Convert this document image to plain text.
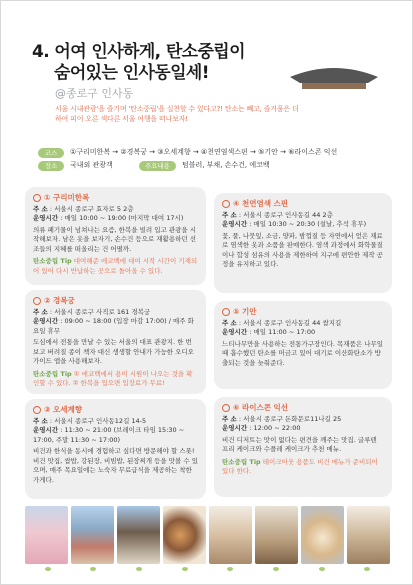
4. 어여 인사하게, 탄소중립이
숨어있는 인사동일세!
@종로구 인사동
서울 시내관광'을 즐기며 '탄소중립'을 실천할 수 있다고?! 탄소는 빼고, 즐거움은 더하여 피어 오른 색다른 서울 여행을 떠나보자!
코스	①구리미한복 → ②경복궁 → ③오세계향 → ④천연염색스핀 → ⑤기안 → ⑥라이스콘 익선
장소	국내외 관광객	주요내용	텀블러, 부채, 손수건, 에코백
① 구리미한복
주 소 : 서울시 종로구 효자로 5 2층
운영시간 : 매일 10:00 ~ 19:00 (마지막 대여 17시)
의류 폐기물이 넘쳐나는 요즘, 한복을 빌려 입고 관광을 시작해보자. 남은 옷을 보자기, 손수건 등으로 재활용하던 선조들의 지혜를 떠올리는 건 어떨까.
탄소중립 Tip 대여해준 에코백에 대여 시작 시간이 기재되어 있어 다시 반납하는 곳으로 돌아올 수 있다.
② 경복궁
주 소 : 서울시 종로구 사직로 161 경복궁
운영시간 : 09:00 ~ 18:00 (입장 마감 17:00) / 매주 화요일 휴무
도심에서 전통을 만날 수 있는 서울의 대표 관광지. 한 번 보고 버려질 종이 책자 대신 생생할 안내가 가능한 오디오 가이드 앱을 사용해보자.
탄소중립 Tip ① 에코백에서 용이 시원이 나오는 것을 확인할 수 있다. ② 한복을 입으면 입장료가 무료!
③ 오세계향
주 소 : 서울시 종로구 인사동12길 14-5
운영시간 : 11:30 ~ 21:00 (브레이크 타임 15:30 ~ 17:00, 주말 11:30 ~ 17:00)
비건과 한식을 동시에 경험하고 싶다면 방문해야 할 스폿! 비건 맛집, 쌈밥, 강된장, 비빔밥, 된장찌개 등을 맛볼 수 있으며, 매주 목요일에는 노숙자 무료급식을 제공하는 착한 가게다.
④ 천연염색 스핀
주 소 : 서울시 종로구 인사동길 44 2층
운영시간 : 매일 10:30 ~ 20:30 (설날, 추석 휴무)
꽃, 풀, 나뭇잎, 소금, 양파, 밤껍질 등 자연에서 얻은 재료로 염색한 옷과 소품을 판매한다. 염색 과정에서 화학물질이나 합성 섬유의 사용을 제한하여 지구에 편안한 제작 공정을 유지하고 있다.
⑤ 기안
주 소 : 서울시 종로구 인사동길 44 쌈지길
운영시간 : 매일 11:00 ~ 17:00
느티나무만을 사용하는 전통가구장인다. 목재품은 나무일 때 흡수했던 탄소를 머금고 있어 대기로 이산화탄소가 방출되는 것을 늦춰준다.
⑥ 라이스콘 익선
주 소 : 서울시 종로구 돈화문로11나길 25
운영시간 : 12:00 ~ 22:00
비건 디저트는 맛이 없다는 편견을 깨주는 맛집. 글루텐 프리 케이크와 수플레 케이크가 추천 메뉴.
탄소중립 Tip 테이크아웃 용품도 비건 메뉴가 준비되어 있다 한다.
